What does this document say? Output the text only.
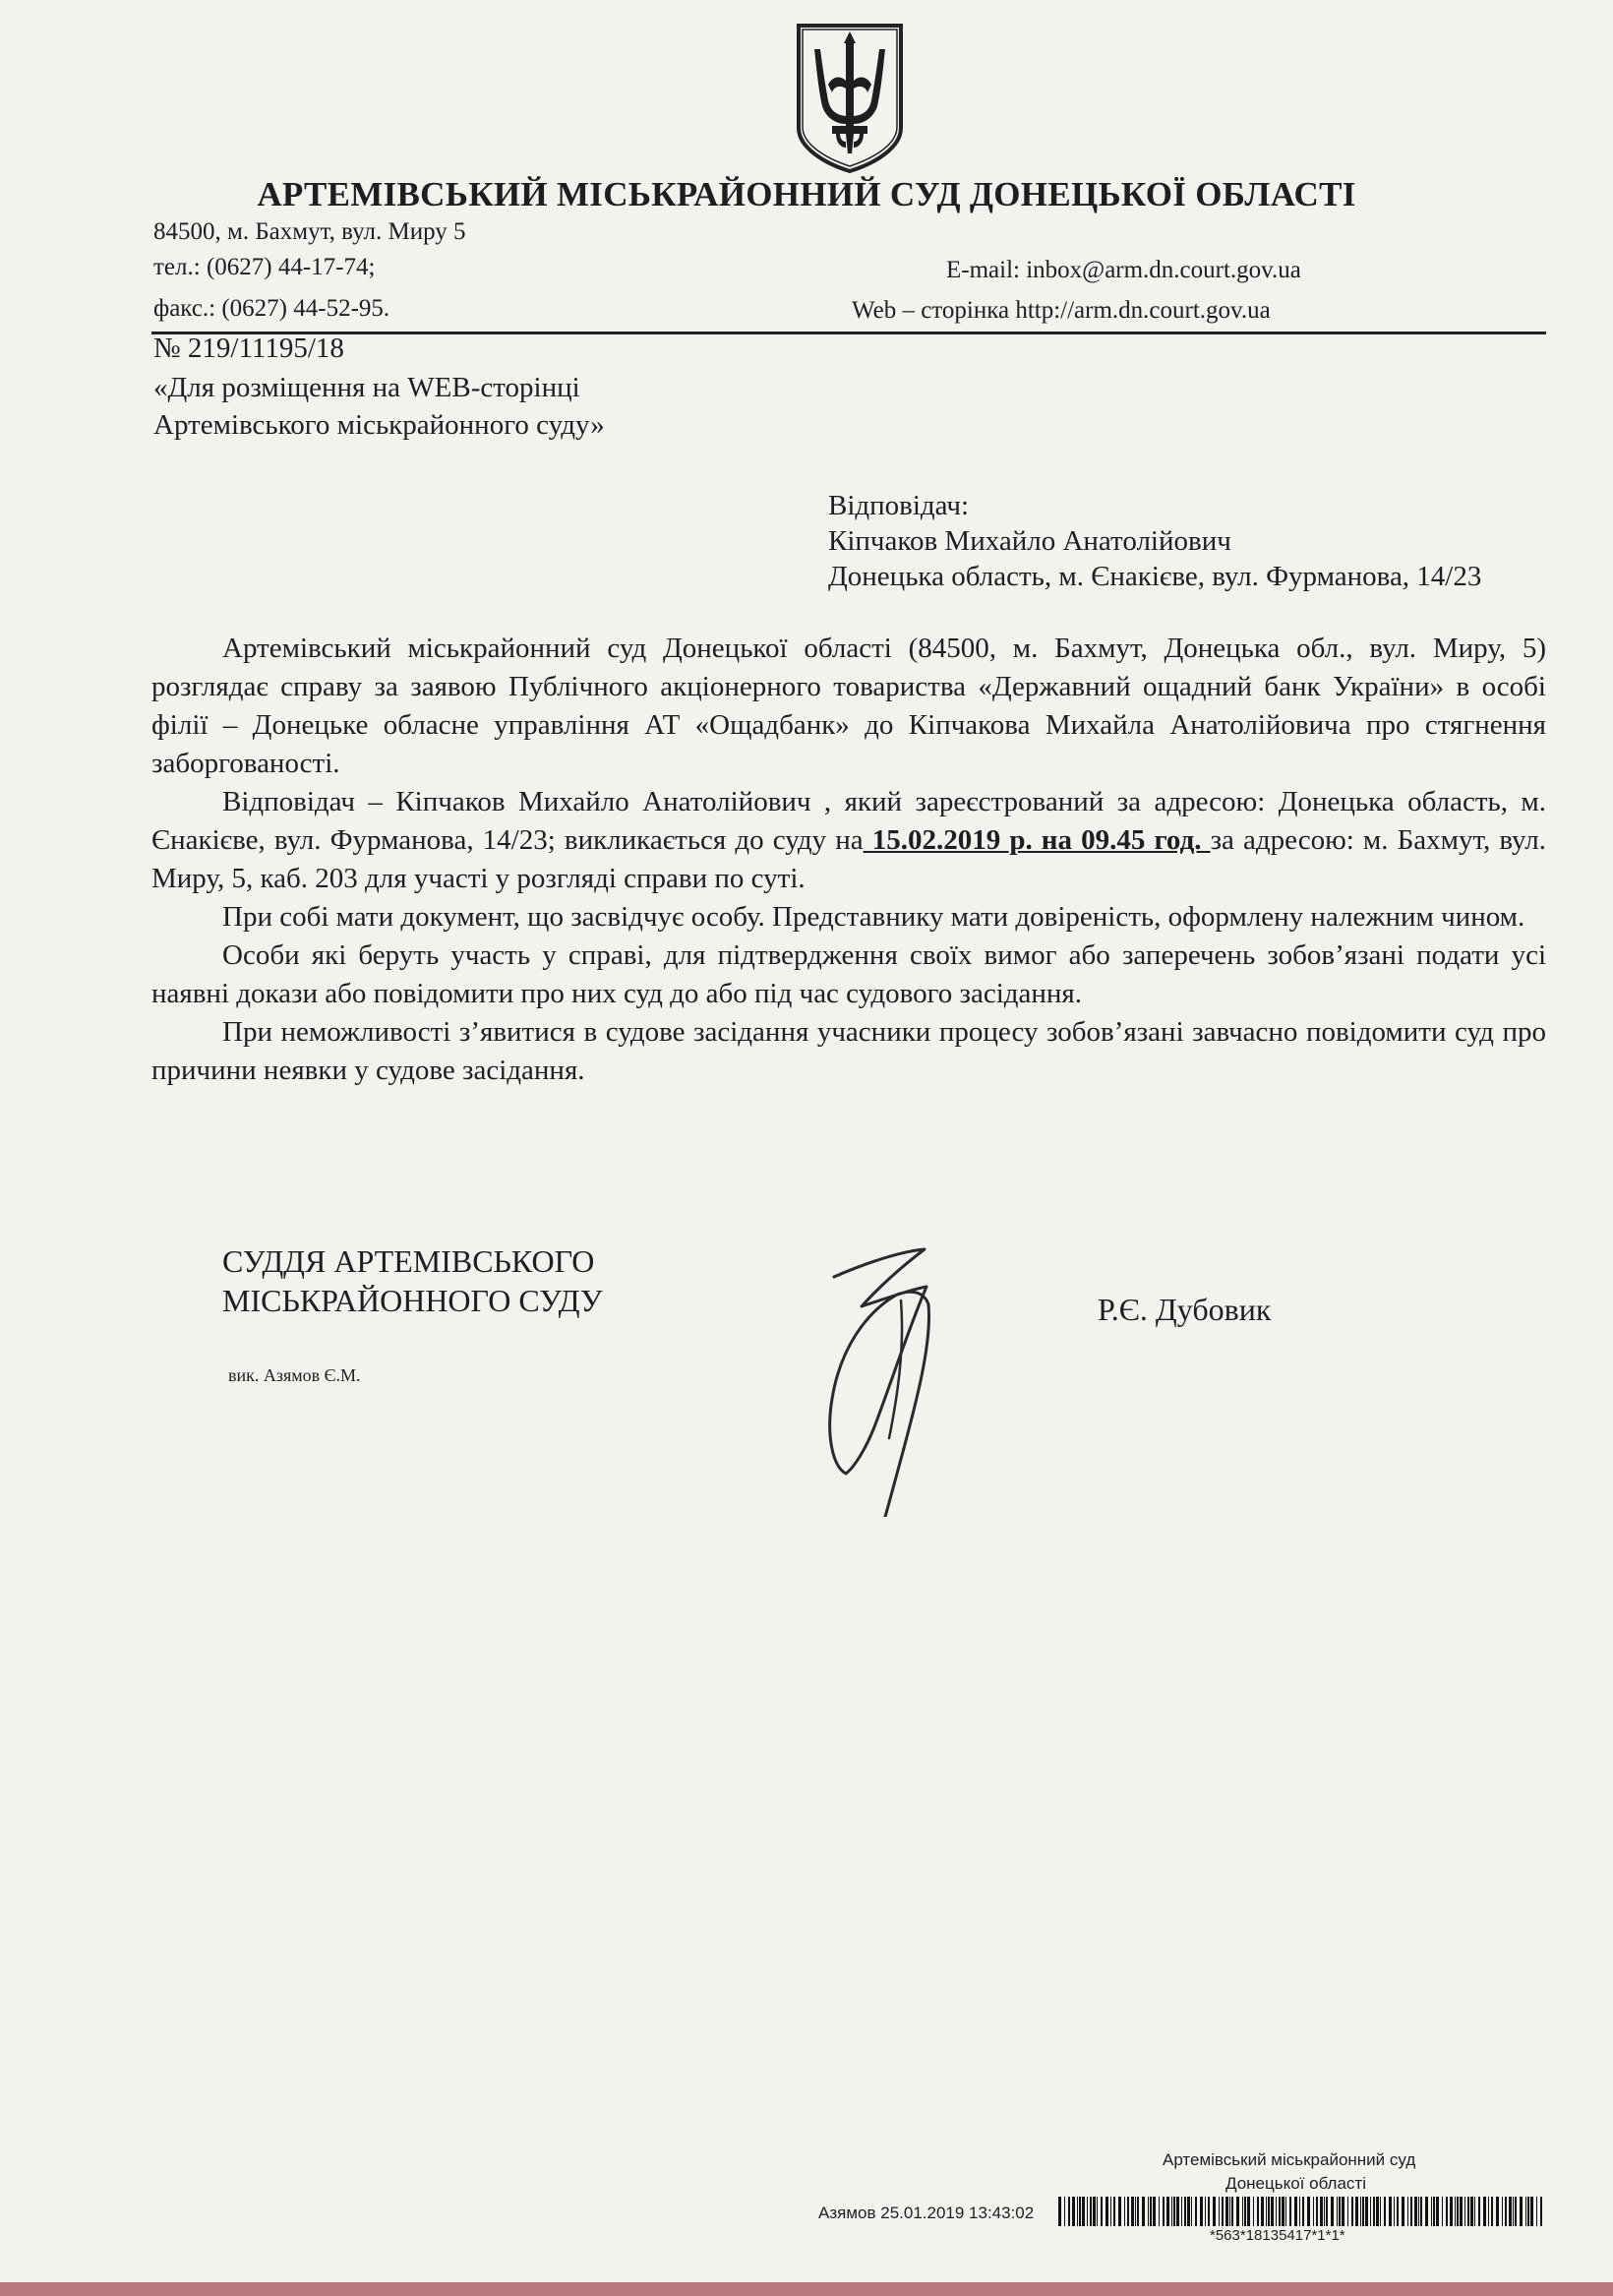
АРТЕМІВСЬКИЙ МІСЬКРАЙОННИЙ СУД ДОНЕЦЬКОЇ ОБЛАСТІ
84500, м. Бахмут, вул. Миру 5
тел.: (0627) 44-17-74;
факс.: (0627) 44-52-95.
E-mail: inbox@arm.dn.court.gov.ua
Web – сторінка http://arm.dn.court.gov.ua
№ 219/11195/18
«Для розміщення на WEB-сторінці
Артемівського міськрайонного суду»
Відповідач:
Кіпчаков Михайло Анатолійович
Донецька область, м. Єнакієве, вул. Фурманова, 14/23

Артемівський міськрайонний суд Донецької області (84500, м. Бахмут, Донецька обл., вул. Миру, 5) розглядає справу за заявою Публічного акціонерного товариства «Державний ощадний банк України» в особі філії – Донецьке обласне управління АТ «Ощадбанк» до Кіпчакова Михайла Анатолійовича про стягнення заборгованості.

Відповідач – Кіпчаков Михайло Анатолійович , який зареєстрований за адресою: Донецька область, м. Єнакієве, вул. Фурманова, 14/23; викликається до суду на 15.02.2019 р. на 09.45 год. за адресою: м. Бахмут, вул. Миру, 5, каб. 203 для участі у розгляді справи по суті.

При собі мати документ, що засвідчує особу. Представнику мати довіреність, оформлену належним чином.

Особи які беруть участь у справі, для підтвердження своїх вимог або заперечень зобов’язані подати усі наявні докази або повідомити про них суд до або під час судового засідання.

При неможливості з’явитися в судове засідання учасники процесу зобов’язані завчасно повідомити суд про причини неявки у судове засідання.

СУДДЯ АРТЕМІВСЬКОГО
МІСЬКРАЙОННОГО СУДУ	Р.Є. Дубовик
вик. Азямов Є.М.
Артемівський міськрайонний суд
Донецької області
Азямов 25.01.2019 13:43:02
*563*18135417*1*1*
